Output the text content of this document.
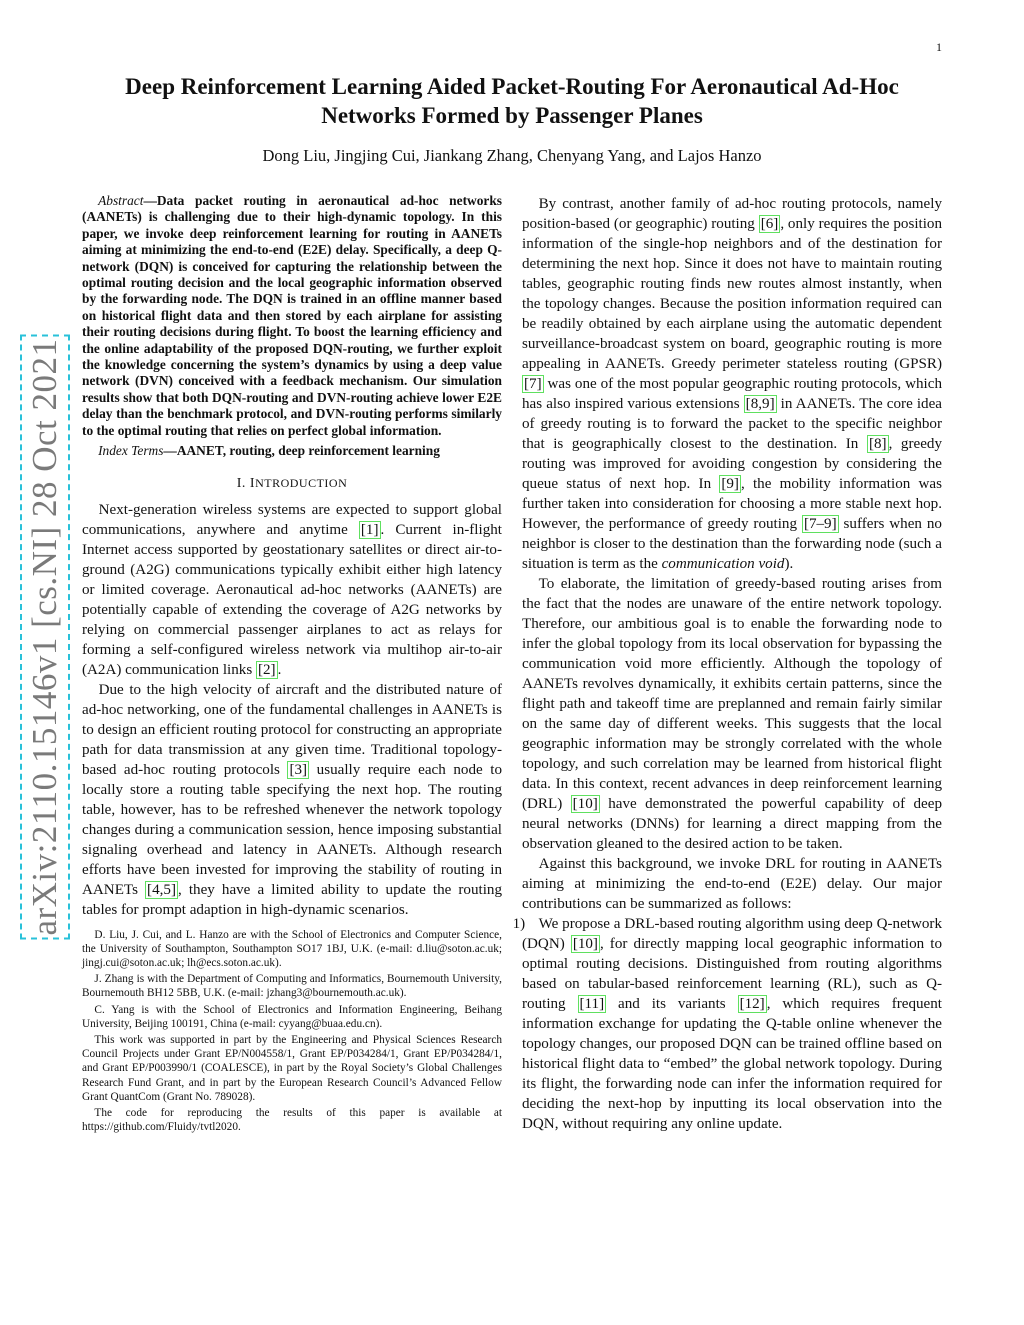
1
arXiv:2110.15146v1 [cs.NI] 28 Oct 2021
Deep Reinforcement Learning Aided Packet-Routing For Aeronautical Ad-Hoc Networks Formed by Passenger Planes
Dong Liu, Jingjing Cui, Jiankang Zhang, Chenyang Yang, and Lajos Hanzo

Abstract—Data packet routing in aeronautical ad-hoc networks (AANETs) is challenging due to their high-dynamic topology. In this paper, we invoke deep reinforcement learning for routing in AANETs aiming at minimizing the end-to-end (E2E) delay. Specifically, a deep Q-network (DQN) is conceived for capturing the relationship between the optimal routing decision and the local geographic information observed by the forwarding node. The DQN is trained in an offline manner based on historical flight data and then stored by each airplane for assisting their routing decisions during flight. To boost the learning efficiency and the online adaptability of the proposed DQN-routing, we further exploit the knowledge concerning the system’s dynamics by using a deep value network (DVN) conceived with a feedback mechanism. Our simulation results show that both DQN-routing and DVN-routing achieve lower E2E delay than the benchmark protocol, and DVN-routing performs similarly to the optimal routing that relies on perfect global information.

Index Terms—AANET, routing, deep reinforcement learning

I. INTRODUCTION

Next-generation wireless systems are expected to support global communications, anywhere and anytime [1] . Current in-flight Internet access supported by geostationary satellites or direct air-to-ground (A2G) communications typically exhibit either high latency or limited coverage. Aeronautical ad-hoc networks (AANETs) are potentially capable of extending the coverage of A2G networks by relying on commercial passenger airplanes to act as relays for forming a self-configured wireless network via multihop air-to-air (A2A) communication links [2] .

Due to the high velocity of aircraft and the distributed nature of ad-hoc networking, one of the fundamental challenges in AANETs is to design an efficient routing protocol for constructing an appropriate path for data transmission at any given time. Traditional topology-based ad-hoc routing protocols [3] usually require each node to locally store a routing table specifying the next hop. The routing table, however, has to be refreshed whenever the network topology changes during a communication session, hence imposing substantial signaling overhead and latency in AANETs. Although research efforts have been invested for improving the stability of routing in AANETs [4,5] , they have a limited ability to update the routing tables for prompt adaption in high-dynamic scenarios.

D. Liu, J. Cui, and L. Hanzo are with the School of Electronics and Computer Science, the University of Southampton, Southampton SO17 1BJ, U.K. (e-mail: d.liu@soton.ac.uk; jingj.cui@soton.ac.uk; lh@ecs.soton.ac.uk).

J. Zhang is with the Department of Computing and Informatics, Bournemouth University, Bournemouth BH12 5BB, U.K. (e-mail: jzhang3@bournemouth.ac.uk).

C. Yang is with the School of Electronics and Information Engineering, Beihang University, Beijing 100191, China (e-mail: cyyang@buaa.edu.cn).

This work was supported in part by the Engineering and Physical Sciences Research Council Projects under Grant EP/N004558/1, Grant EP/P034284/1, Grant EP/P034284/1, and Grant EP/P003990/1 (COALESCE), in part by the Royal Society’s Global Challenges Research Fund Grant, and in part by the European Research Council’s Advanced Fellow Grant QuantCom (Grant No. 789028).

The code for reproducing the results of this paper is available at https://github.com/Fluidy/tvtl2020.

By contrast, another family of ad-hoc routing protocols, namely position-based (or geographic) routing [6] , only requires the position information of the single-hop neighbors and of the destination for determining the next hop. Since it does not have to maintain routing tables, geographic routing finds new routes almost instantly, when the topology changes. Because the position information required can be readily obtained by each airplane using the automatic dependent surveillance-broadcast system on board, geographic routing is more appealing in AANETs. Greedy perimeter stateless routing (GPSR) [7] was one of the most popular geographic routing protocols, which has also inspired various extensions [8,9] in AANETs. The core idea of greedy routing is to forward the packet to the specific neighbor that is geographically closest to the destination. In [8] , greedy routing was improved for avoiding congestion by considering the queue status of next hop. In [9] , the mobility information was further taken into consideration for choosing a more stable next hop. However, the performance of greedy routing [7–9] suffers when no neighbor is closer to the destination than the forwarding node (such a situation is term as the communication void).

To elaborate, the limitation of greedy-based routing arises from the fact that the nodes are unaware of the entire network topology. Therefore, our ambitious goal is to enable the forwarding node to infer the global topology from its local observation for bypassing the communication void more efficiently. Although the topology of AANETs revolves dynamically, it exhibits certain patterns, since the flight path and takeoff time are preplanned and remain fairly similar on the same day of different weeks. This suggests that the local geographic information may be strongly correlated with the whole topology, and such correlation may be learned from historical flight data. In this context, recent advances in deep reinforcement learning (DRL) [10] have demonstrated the powerful capability of deep neural networks (DNNs) for learning a direct mapping from the observation gleaned to the desired action to be taken.

Against this background, we invoke DRL for routing in AANETs aiming at minimizing the end-to-end (E2E) delay. Our major contributions can be summarized as follows:

1) We propose a DRL-based routing algorithm using deep Q-network (DQN) [10] , for directly mapping local geographic information to optimal routing decisions. Distinguished from routing algorithms based on tabular-based reinforcement learning (RL), such as Q-routing [11] and its variants [12] , which requires frequent information exchange for updating the Q-table online whenever the topology changes, our proposed DQN can be trained offline based on historical flight data to “embed” the global network topology. During its flight, the forwarding node can infer the information required for deciding the next-hop by inputting its local observation into the DQN, without requiring any online update.
